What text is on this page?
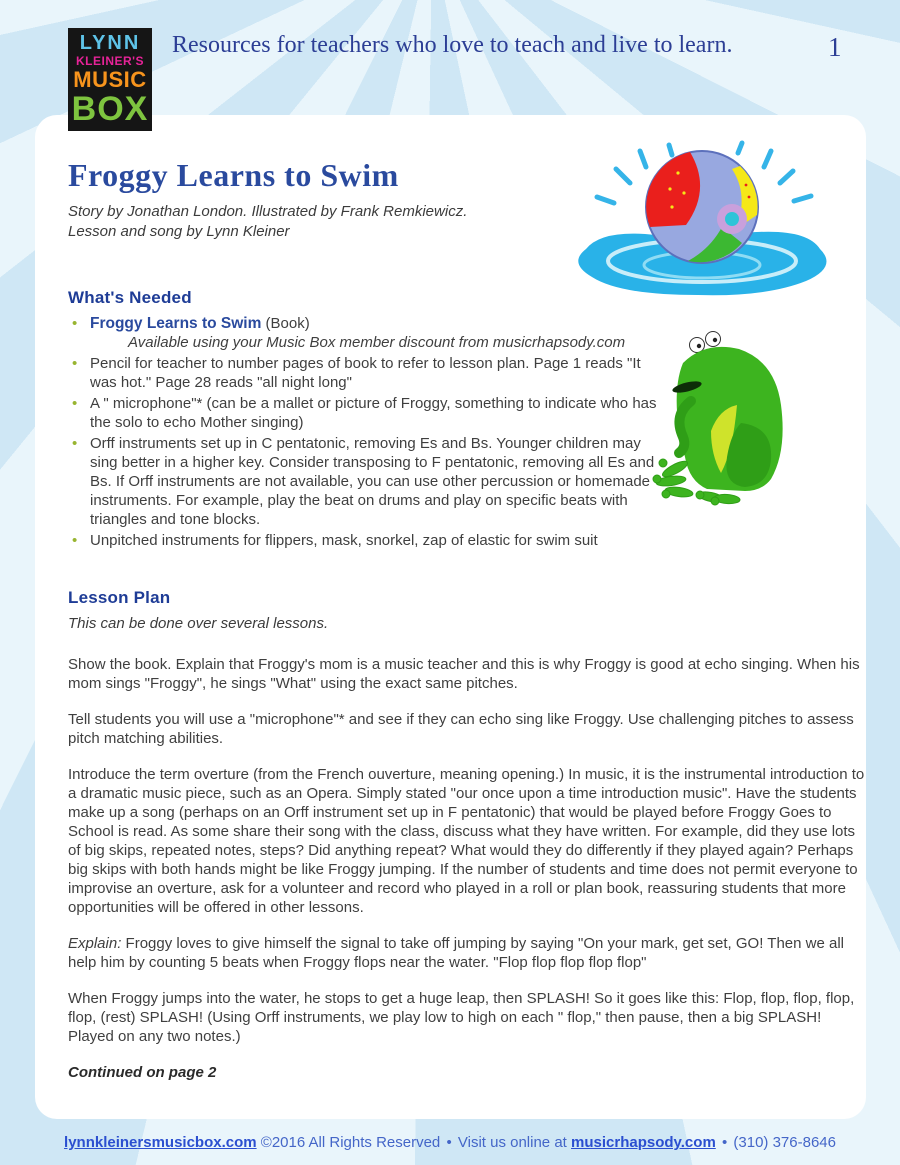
LYNN
KLEINER'S
MUSIC
BOX
Resources for teachers who love to teach and live to learn.	1
Froggy Learns to Swim
Story by Jonathan London. Illustrated by Frank Remkiewicz.
Lesson and song by Lynn Kleiner
What's Needed
• Froggy Learns to Swim (Book)
Available using your Music Box member discount from musicrhapsody.com
• Pencil for teacher to number pages of book to refer to lesson plan. Page 1 reads "It was hot." Page 28 reads "all night long"
• A " microphone"* (can be a mallet or picture of Froggy, something to indicate who has the solo to echo Mother singing)
• Orff instruments set up in C pentatonic, removing Es and Bs. Younger children may sing better in a higher key. Consider transposing to F pentatonic, removing all Es and Bs. If Orff instruments are not available, you can use other percussion or homemade instruments. For example, play the beat on drums and play on specific beats with triangles and tone blocks.
• Unpitched instruments for flippers, mask, snorkel, zap of elastic for swim suit
Lesson Plan
This can be done over several lessons.

Show the book. Explain that Froggy's mom is a music teacher and this is why Froggy is good at echo singing. When his mom sings "Froggy", he sings "What" using the exact same pitches.

Tell students you will use a "microphone"* and see if they can echo sing like Froggy. Use challenging pitches to assess pitch matching abilities.

Introduce the term overture (from the French ouverture, meaning opening.) In music, it is the instrumental introduction to a dramatic music piece, such as an Opera. Simply stated "our once upon a time introduction music". Have the students make up a song (perhaps on an Orff instrument set up in F pentatonic) that would be played before Froggy Goes to School is read. As some share their song with the class, discuss what they have written. For example, did they use lots of big skips, repeated notes, steps? Did anything repeat? What would they do differently if they played again? Perhaps big skips with both hands might be like Froggy jumping. If the number of students and time does not permit everyone to improvise an overture, ask for a volunteer and record who played in a roll or plan book, reassuring students that more opportunities will be offered in other lessons.

Explain: Froggy loves to give himself the signal to take off jumping by saying "On your mark, get set, GO! Then we all help him by counting 5 beats when Froggy flops near the water. "Flop flop flop flop flop"

When Froggy jumps into the water, he stops to get a huge leap, then SPLASH! So it goes like this: Flop, flop, flop, flop, flop, (rest) SPLASH! (Using Orff instruments, we play low to high on each " flop," then pause, then a big SPLASH! Played on any two notes.)

Continued on page 2
lynnkleinersmusicbox.com ©2016 All Rights Reserved • Visit us online at musicrhapsody.com • (310) 376-8646
